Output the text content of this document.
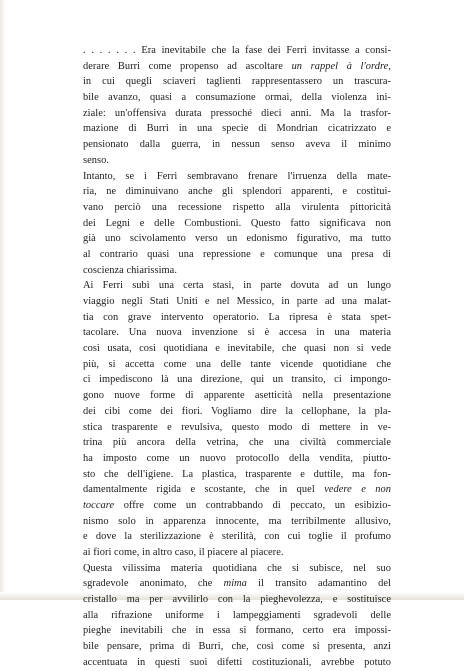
. . . . . . . Era inevitabile che la fase dei Ferri invitasse a consi-
derare Burri come propenso ad ascoltare un rappel à l'ordre,
in cui quegli sciaveri taglienti rappresentassero un trascura-
bile avanzo, quasi a consumazione ormai, della violenza ini-
ziale: un'offensiva durata pressoché dieci anni. Ma la trasfor-
mazione di Burri in una specie di Mondrian cicatrizzato e
pensionato dalla guerra, in nessun senso aveva il minimo
senso.
Intanto, se i Ferri sembravano frenare l'irruenza della mate-
ria, ne diminuivano anche gli splendori apparenti, e costitui-
vano perciò una recessione rispetto alla virulenta pittoricità
dei Legni e delle Combustioni. Questo fatto significava non
già uno scivolamento verso un edonismo figurativo, ma tutto
al contrario quasi una repressione e comunque una presa di
coscienza chiarissima.
Ai Ferri subì una certa stasi, in parte dovuta ad un lungo
viaggio negli Stati Uniti e nel Messico, in parte ad una malat-
tia con grave intervento operatorio. La ripresa è stata spet-
tacolare. Una nuova invenzione si è accesa in una materia
così usata, così quotidiana e inevitabile, che quasi non si vede
più, si accetta come una delle tante vicende quotidiane che
ci impediscono là una direzione, qui un transito, ci impongo-
gono nuove forme di apparente asetticità nella presentazione
dei cibi come dei fiori. Vogliamo dire la cellophane, la pla-
stica trasparente e revulsiva, questo modo di mettere in ve-
trina più ancora della vetrina, che una civiltà commerciale
ha imposto come un nuovo protocollo della vendita, piutto-
sto che dell'igiene. La plastica, trasparente e duttile, ma fon-
damentalmente rigida e scostante, che in quel vedere e non
toccare offre come un contrabbando di peccato, un esibizio-
nismo solo in apparenza innocente, ma terribilmente allusivo,
e dove la sterilizzazione è sterilità, con cui toglie il profumo
ai fiori come, in altro caso, il piacere al piacere.
Questa vilissima materia quotidiana che si subisce, nel suo
sgradevole anonimato, che mima il transito adamantino del
cristallo ma per avvilirlo con la pieghevolezza, e sostituisce
alla rifrazione uniforme i lampeggiamenti sgradevoli delle
pieghe inevitabili che in essa si formano, certo era impossi-
bile pensare, prima di Burri, che, così come si presenta, anzi
accentuata in questi suoi difetti costituzionali, avrebbe potuto
